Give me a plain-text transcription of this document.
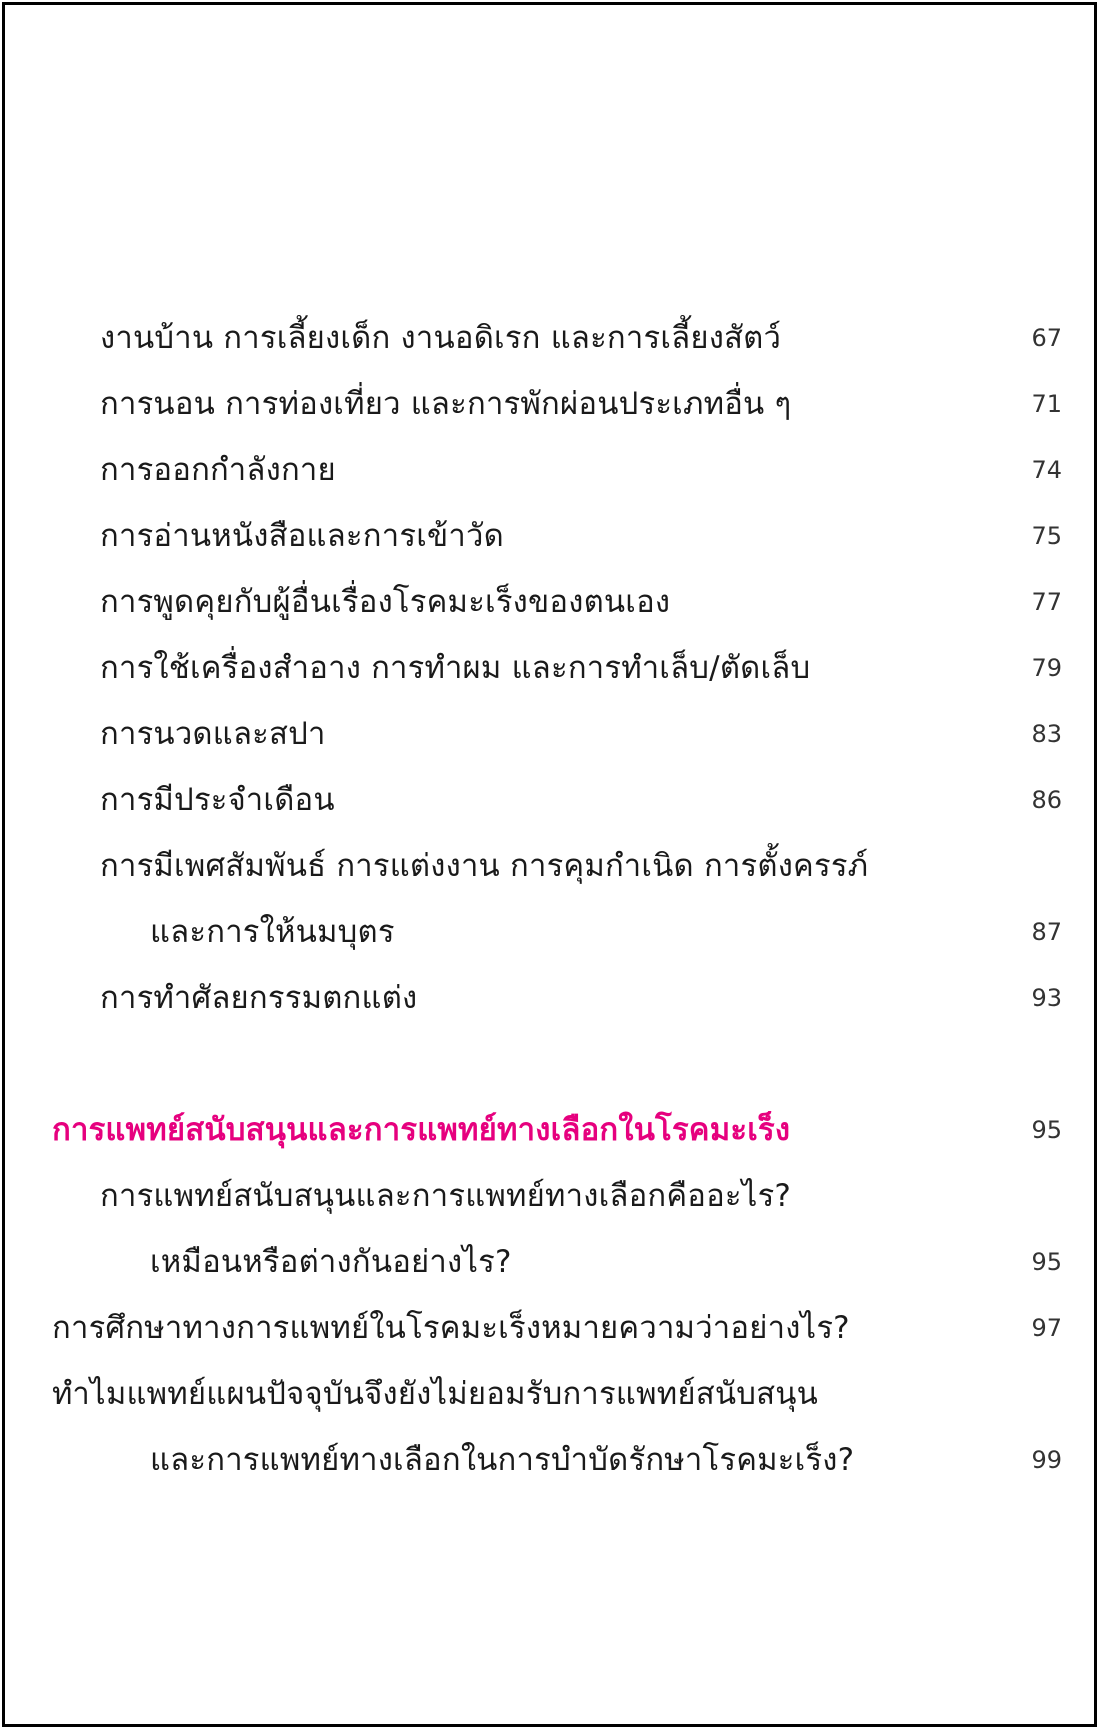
งานบ้าน การเลี้ยงเด็ก งานอดิเรก และการเลี้ยงสัตว์	67
การนอน การท่องเที่ยว และการพักผ่อนประเภทอื่น ๆ	71
การออกกำลังกาย	74
การอ่านหนังสือและการเข้าวัด	75
การพูดคุยกับผู้อื่นเรื่องโรคมะเร็งของตนเอง	77
การใช้เครื่องสำอาง การทำผม และการทำเล็บ/ตัดเล็บ	79
การนวดและสปา	83
การมีประจำเดือน	86
การมีเพศสัมพันธ์ การแต่งงาน การคุมกำเนิด การตั้งครรภ์
และการให้นมบุตร	87
การทำศัลยกรรมตกแต่ง	93
การแพทย์สนับสนุนและการแพทย์ทางเลือกในโรคมะเร็ง	95
การแพทย์สนับสนุนและการแพทย์ทางเลือกคืออะไร?
เหมือนหรือต่างกันอย่างไร?	95
การศึกษาทางการแพทย์ในโรคมะเร็งหมายความว่าอย่างไร?	97
ทำไมแพทย์แผนปัจจุบันจึงยังไม่ยอมรับการแพทย์สนับสนุน
และการแพทย์ทางเลือกในการบำบัดรักษาโรคมะเร็ง?	99
